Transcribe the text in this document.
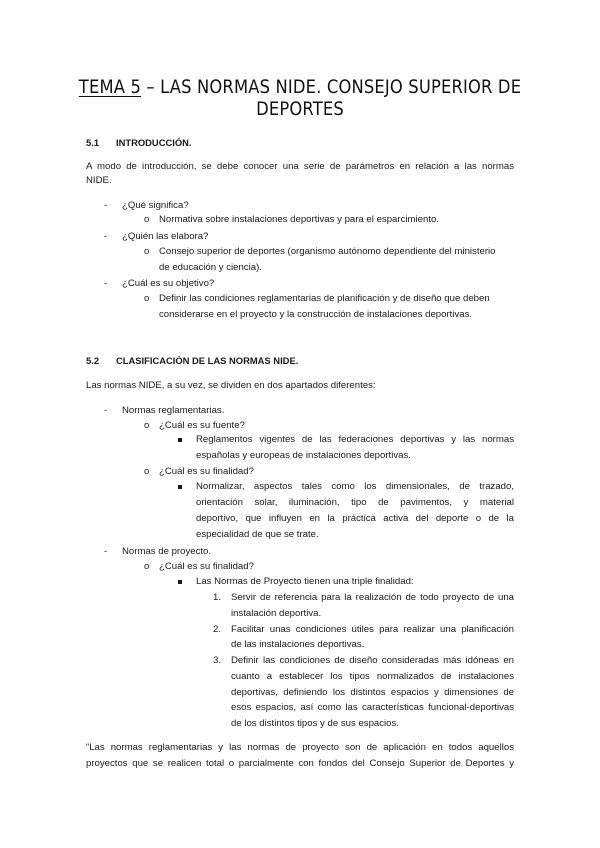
TEMA 5 – LAS NORMAS NIDE. CONSEJO SUPERIOR DE DEPORTES
5.1 INTRODUCCIÓN.
A modo de introducción, se debe conocer una serie de parámetros en relación a las normas
NIDE.
- ¿Qué significa?
o Normativa sobre instalaciones deportivas y para el esparcimiento.
- ¿Quién las elabora?
o Consejo superior de deportes (organismo autónomo dependiente del ministerio
de educación y ciencia).
- ¿Cuál es su objetivo?
o Definir las condiciones reglamentarias de planificación y de diseño que deben
considerarse en el proyecto y la construcción de instalaciones deportivas.
5.2 CLASIFICACIÓN DE LAS NORMAS NIDE.
Las normas NIDE, a su vez, se dividen en dos apartados diferentes:
- Normas reglamentarias.
o ¿Cuál es su fuente?
Reglamentos vigentes de las federaciones deportivas y las normas
españolas y europeas de instalaciones deportivas.
o ¿Cuál es su finalidad?
Normalizar, aspectos tales como los dimensionales, de trazado,
orientación solar, iluminación, tipo de pavimentos, y material
deportivo, que influyen en la práctica activa del deporte o de la
especialidad de que se trate.
- Normas de proyecto.
o ¿Cuál es su finalidad?
Las Normas de Proyecto tienen una triple finalidad:
1. Servir de referencia para la realización de todo proyecto de una
instalación deportiva.
2. Facilitar unas condiciones útiles para realizar una planificación
de las instalaciones deportivas.
3. Definir las condiciones de diseño consideradas más idóneas en
cuanto a establecer los tipos normalizados de instalaciones
deportivas, definiendo los distintos espacios y dimensiones de
esos espacios, así como las características funcional-deportivas
de los distintos tipos y de sus espacios.
“Las normas reglamentarias y las normas de proyecto son de aplicación en todos aquellos
proyectos que se realicen total o parcialmente con fondos del Consejo Superior de Deportes y
